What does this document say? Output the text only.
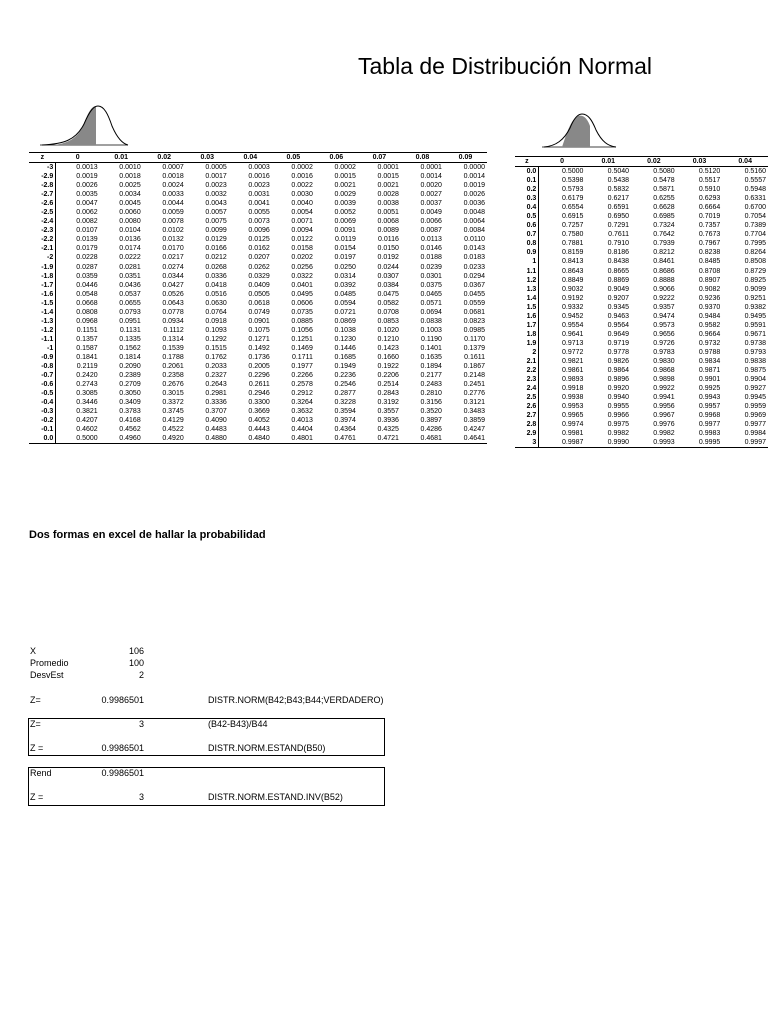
Tabla de Distribución Normal
z	0	0.01	0.02	0.03	0.04	0.05	0.06	0.07	0.08	0.09
-3	0.0013	0.0010	0.0007	0.0005	0.0003	0.0002	0.0002	0.0001	0.0001	0.0000
-2.9	0.0019	0.0018	0.0018	0.0017	0.0016	0.0016	0.0015	0.0015	0.0014	0.0014
-2.8	0.0026	0.0025	0.0024	0.0023	0.0023	0.0022	0.0021	0.0021	0.0020	0.0019
-2.7	0.0035	0.0034	0.0033	0.0032	0.0031	0.0030	0.0029	0.0028	0.0027	0.0026
-2.6	0.0047	0.0045	0.0044	0.0043	0.0041	0.0040	0.0039	0.0038	0.0037	0.0036
-2.5	0.0062	0.0060	0.0059	0.0057	0.0055	0.0054	0.0052	0.0051	0.0049	0.0048
-2.4	0.0082	0.0080	0.0078	0.0075	0.0073	0.0071	0.0069	0.0068	0.0066	0.0064
-2.3	0.0107	0.0104	0.0102	0.0099	0.0096	0.0094	0.0091	0.0089	0.0087	0.0084
-2.2	0.0139	0.0136	0.0132	0.0129	0.0125	0.0122	0.0119	0.0116	0.0113	0.0110
-2.1	0.0179	0.0174	0.0170	0.0166	0.0162	0.0158	0.0154	0.0150	0.0146	0.0143
-2	0.0228	0.0222	0.0217	0.0212	0.0207	0.0202	0.0197	0.0192	0.0188	0.0183
-1.9	0.0287	0.0281	0.0274	0.0268	0.0262	0.0256	0.0250	0.0244	0.0239	0.0233
-1.8	0.0359	0.0351	0.0344	0.0336	0.0329	0.0322	0.0314	0.0307	0.0301	0.0294
-1.7	0.0446	0.0436	0.0427	0.0418	0.0409	0.0401	0.0392	0.0384	0.0375	0.0367
-1.6	0.0548	0.0537	0.0526	0.0516	0.0505	0.0495	0.0485	0.0475	0.0465	0.0455
-1.5	0.0668	0.0655	0.0643	0.0630	0.0618	0.0606	0.0594	0.0582	0.0571	0.0559
-1.4	0.0808	0.0793	0.0778	0.0764	0.0749	0.0735	0.0721	0.0708	0.0694	0.0681
-1.3	0.0968	0.0951	0.0934	0.0918	0.0901	0.0885	0.0869	0.0853	0.0838	0.0823
-1.2	0.1151	0.1131	0.1112	0.1093	0.1075	0.1056	0.1038	0.1020	0.1003	0.0985
-1.1	0.1357	0.1335	0.1314	0.1292	0.1271	0.1251	0.1230	0.1210	0.1190	0.1170
-1	0.1587	0.1562	0.1539	0.1515	0.1492	0.1469	0.1446	0.1423	0.1401	0.1379
-0.9	0.1841	0.1814	0.1788	0.1762	0.1736	0.1711	0.1685	0.1660	0.1635	0.1611
-0.8	0.2119	0.2090	0.2061	0.2033	0.2005	0.1977	0.1949	0.1922	0.1894	0.1867
-0.7	0.2420	0.2389	0.2358	0.2327	0.2296	0.2266	0.2236	0.2206	0.2177	0.2148
-0.6	0.2743	0.2709	0.2676	0.2643	0.2611	0.2578	0.2546	0.2514	0.2483	0.2451
-0.5	0.3085	0.3050	0.3015	0.2981	0.2946	0.2912	0.2877	0.2843	0.2810	0.2776
-0.4	0.3446	0.3409	0.3372	0.3336	0.3300	0.3264	0.3228	0.3192	0.3156	0.3121
-0.3	0.3821	0.3783	0.3745	0.3707	0.3669	0.3632	0.3594	0.3557	0.3520	0.3483
-0.2	0.4207	0.4168	0.4129	0.4090	0.4052	0.4013	0.3974	0.3936	0.3897	0.3859
-0.1	0.4602	0.4562	0.4522	0.4483	0.4443	0.4404	0.4364	0.4325	0.4286	0.4247
0.0	0.5000	0.4960	0.4920	0.4880	0.4840	0.4801	0.4761	0.4721	0.4681	0.4641
z	0	0.01	0.02	0.03	0.04
0.0	0.5000	0.5040	0.5080	0.5120	0.5160
0.1	0.5398	0.5438	0.5478	0.5517	0.5557
0.2	0.5793	0.5832	0.5871	0.5910	0.5948
0.3	0.6179	0.6217	0.6255	0.6293	0.6331
0.4	0.6554	0.6591	0.6628	0.6664	0.6700
0.5	0.6915	0.6950	0.6985	0.7019	0.7054
0.6	0.7257	0.7291	0.7324	0.7357	0.7389
0.7	0.7580	0.7611	0.7642	0.7673	0.7704
0.8	0.7881	0.7910	0.7939	0.7967	0.7995
0.9	0.8159	0.8186	0.8212	0.8238	0.8264
1	0.8413	0.8438	0.8461	0.8485	0.8508
1.1	0.8643	0.8665	0.8686	0.8708	0.8729
1.2	0.8849	0.8869	0.8888	0.8907	0.8925
1.3	0.9032	0.9049	0.9066	0.9082	0.9099
1.4	0.9192	0.9207	0.9222	0.9236	0.9251
1.5	0.9332	0.9345	0.9357	0.9370	0.9382
1.6	0.9452	0.9463	0.9474	0.9484	0.9495
1.7	0.9554	0.9564	0.9573	0.9582	0.9591
1.8	0.9641	0.9649	0.9656	0.9664	0.9671
1.9	0.9713	0.9719	0.9726	0.9732	0.9738
2	0.9772	0.9778	0.9783	0.9788	0.9793
2.1	0.9821	0.9826	0.9830	0.9834	0.9838
2.2	0.9861	0.9864	0.9868	0.9871	0.9875
2.3	0.9893	0.9896	0.9898	0.9901	0.9904
2.4	0.9918	0.9920	0.9922	0.9925	0.9927
2.5	0.9938	0.9940	0.9941	0.9943	0.9945
2.6	0.9953	0.9955	0.9956	0.9957	0.9959
2.7	0.9965	0.9966	0.9967	0.9968	0.9969
2.8	0.9974	0.9975	0.9976	0.9977	0.9977
2.9	0.9981	0.9982	0.9982	0.9983	0.9984
3	0.9987	0.9990	0.9993	0.9995	0.9997
Dos formas en excel de hallar la probabilidad
X	106
Promedio	100
DesvEst	2
Z=	0.9986501	DISTR.NORM(B42;B43;B44;VERDADERO)
Z=	3	(B42-B43)/B44
Z =	0.9986501	DISTR.NORM.ESTAND(B50)
Rend	0.9986501
Z =	3	DISTR.NORM.ESTAND.INV(B52)
